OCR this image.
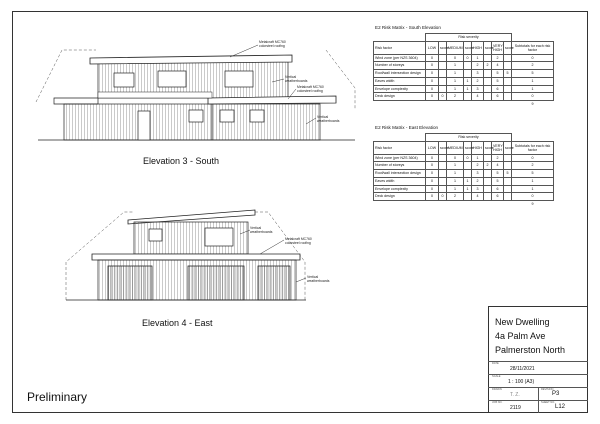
Metalcraft MC760
colorsteel roofing
Vertical
weatherboards
Metalcraft MC760
colorsteel roofing
Vertical
weatherboards
Elevation 3 - South
Vertical
weatherboards
Metalcraft MC760
colorsteel roofing
Vertical
weatherboards
Elevation 4 - East
E2 Risk Matrix - South Elevation
	Risk severity								
Risk factor	LOW	score	MEDIUM	score	HIGH	score	VERY HIGH	score	Subtotals for each risk factor
Wind zone (per NZS 3604)	0		0	0	1		2		0
Number of storeys	0		1		2	2	4		2
Roof/wall intersection design	0		1		3		5	5	5
Eaves width	0		1	1	2		5		1
Envelope complexity	0		1	1	3		6		1
Deck design	0	0	2		4		6		0
									9
E2 Risk Matrix - East Elevation
	Risk severity								
Risk factor	LOW	score	MEDIUM	score	HIGH	score	VERY HIGH	score	Subtotals for each risk factor
Wind zone (per NZS 3604)	0		0	0	1		2		0
Number of storeys	0		1		2	2	4		2
Roof/wall intersection design	0		1		3		5	5	5
Eaves width	0		1	1	2		5		1
Envelope complexity	0		1	1	3		6		1
Deck design	0	0	2		4		6		0
									9
New Dwelling
4a Palm Ave
Palmerston North
DATE
28/11/2021
SCALE
1 : 100 (A3)
DRAWN
T. Z.
REVISION
P3
JOB NO.
2119
SHEET NO.
L12
Preliminary
